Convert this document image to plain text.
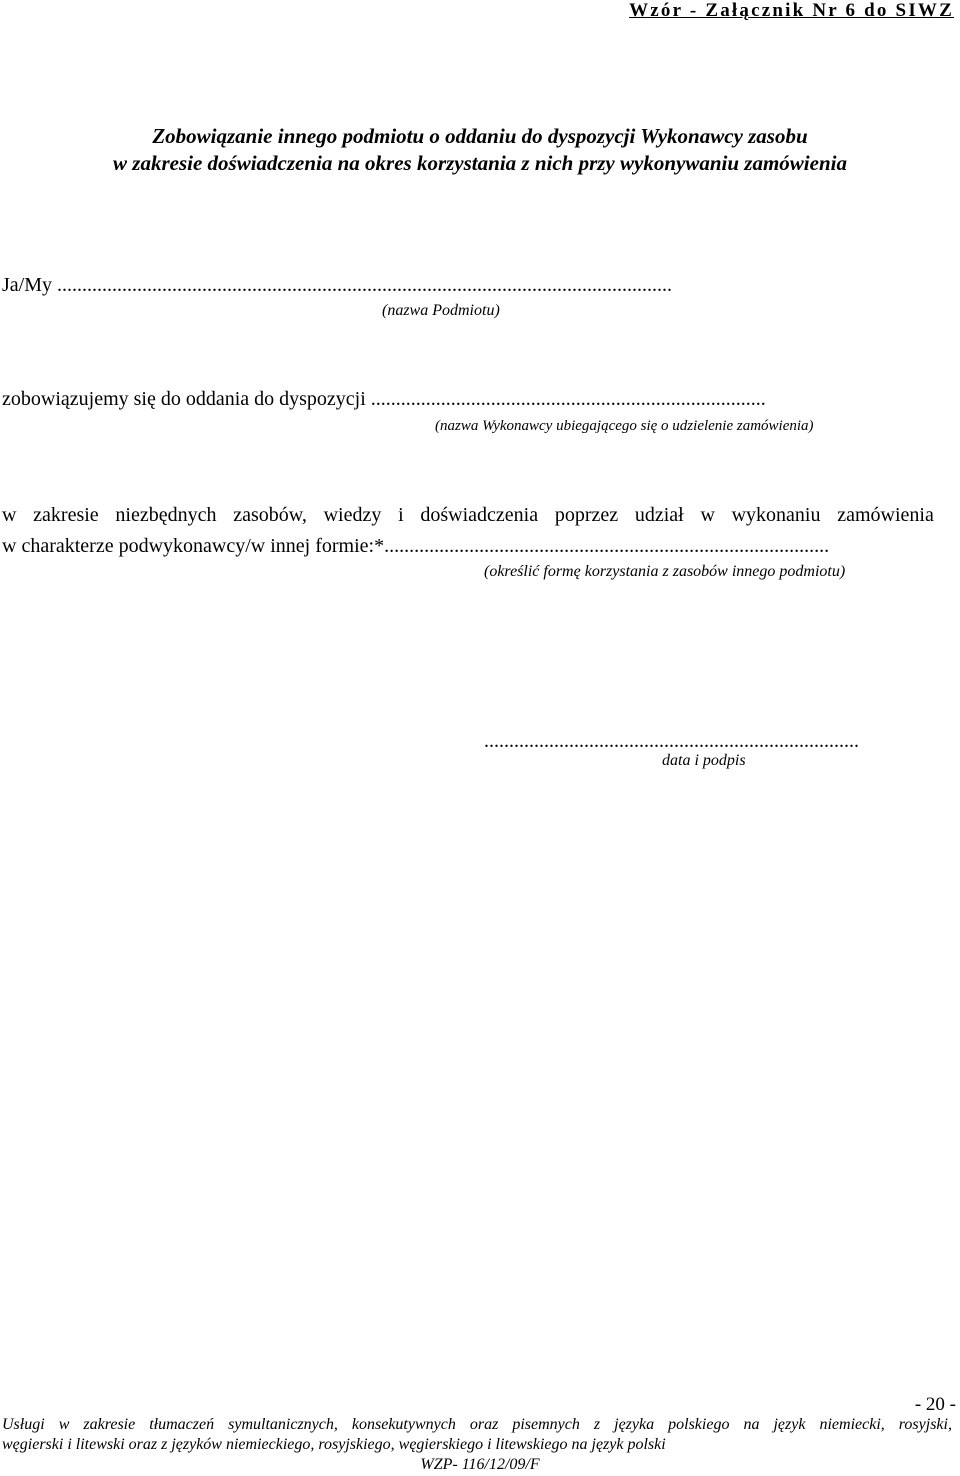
Wzór - Załącznik Nr 6 do SIWZ
Zobowiązanie innego podmiotu o oddaniu do dyspozycji Wykonawcy zasobu
w zakresie doświadczenia na okres korzystania z nich przy wykonywaniu zamówienia
Ja/My ...........................................................................................................................
(nazwa Podmiotu)
zobowiązujemy się do oddania do dyspozycji ...............................................................................
(nazwa Wykonawcy ubiegającego się o udzielenie zamówienia)
w zakresie niezbędnych zasobów, wiedzy i doświadczenia poprzez udział w wykonaniu zamówienia
w charakterze podwykonawcy/w innej formie:*.........................................................................................
(określić formę korzystania z zasobów innego podmiotu)
...........................................................................
data i podpis
- 20 -
Usługi w zakresie tłumaczeń symultanicznych, konsekutywnych oraz pisemnych z języka polskiego na język niemiecki, rosyjski,
węgierski i litewski oraz z języków niemieckiego, rosyjskiego, węgierskiego i litewskiego na język polski
WZP- 116/12/09/F
